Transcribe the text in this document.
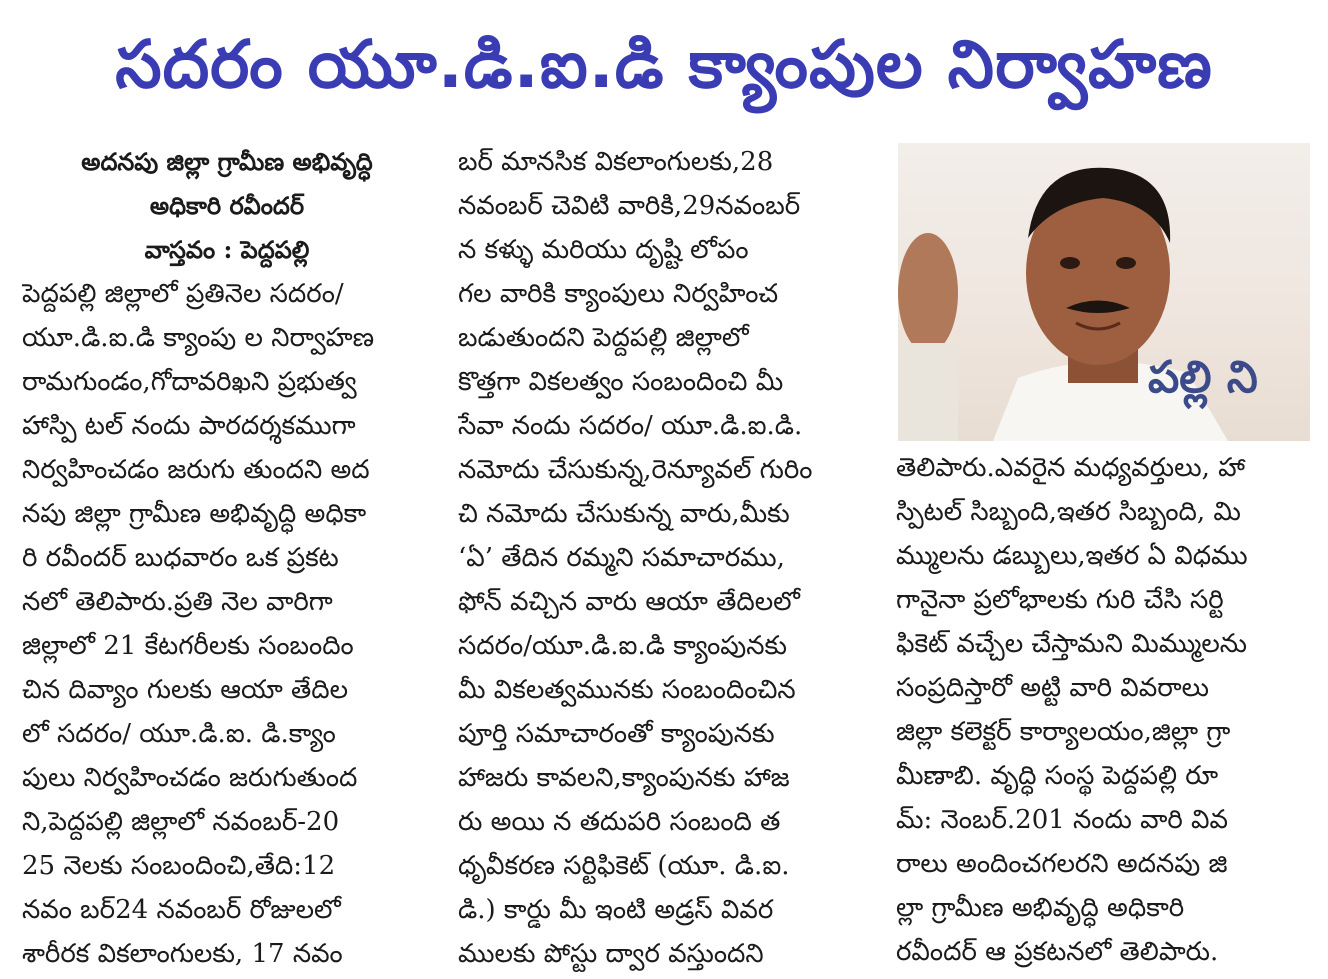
సదరం యూ.డి.ఐ.డి క్యాంపుల నిర్వాహణ
అదనపు జిల్లా గ్రామీణ అభివృద్ధి
అధికారి రవీందర్
వాస్తవం : పెద్దపల్లి
పెద్దపల్లి జిల్లాలో ప్రతినెల సదరం/
యూ.డి.ఐ.డి క్యాంపు ల నిర్వాహణ
రామగుండం,గోదావరిఖని ప్రభుత్వ
హాస్పి టల్ నందు పారదర్శకముగా
నిర్వహించడం జరుగు తుందని అద
నపు జిల్లా గ్రామీణ అభివృద్ధి అధికా
రి రవీందర్ బుధవారం ఒక ప్రకట
నలో తెలిపారు.ప్రతి నెల వారిగా
జిల్లాలో 21 కేటగరీలకు సంబందిం
చిన దివ్యాం గులకు ఆయా తేదిల
లో సదరం/ యూ.డి.ఐ. డి.క్యాం
పులు నిర్వహించడం జరుగుతుంద
ని,పెద్దపల్లి జిల్లాలో నవంబర్-20
25 నెలకు సంబందించి,తేది:12
నవం బర్24 నవంబర్ రోజులలో
శారీరక వికలాంగులకు, 17 నవం
బర్ మానసిక వికలాంగులకు,28
నవంబర్ చెవిటి వారికి,29నవంబర్
న కళ్ళు మరియు దృష్టి లోపం
గల వారికి క్యాంపులు నిర్వహించ
బడుతుందని పెద్దపల్లి జిల్లాలో
కొత్తగా వికలత్వం సంబందించి మీ
సేవా నందు సదరం/ యూ.డి.ఐ.డి.
నమోదు చేసుకున్న,రెన్యూవల్ గురిం
చి నమోదు చేసుకున్న వారు,మీకు
‘ఏ’ తేదిన రమ్మని సమాచారము,
ఫోన్ వచ్చిన వారు ఆయా తేదిలలో
సదరం/యూ.డి.ఐ.డి క్యాంపునకు
మీ వికలత్వమునకు సంబందించిన
పూర్తి సమాచారంతో క్యాంపునకు
హాజరు కావలని,క్యాంపునకు హాజ
రు అయి న తదుపరి సంబంది త
ధృవీకరణ సర్టిఫికెట్ (యూ. డి.ఐ.
డి.) కార్డు మీ ఇంటి అడ్రస్ వివర
ములకు పోస్టు ద్వార వస్తుందని
పల్లి ని
తెలిపారు.ఎవరైన మధ్యవర్తులు, హా
స్పిటల్ సిబ్బంది,ఇతర సిబ్బంది, మి
మ్ములను డబ్బులు,ఇతర ఏ విధము
గానైనా ప్రలోభాలకు గురి చేసి సర్టి
ఫికెట్ వచ్చేల చేస్తామని మిమ్ములను
సంప్రదిస్తారో అట్టి వారి వివరాలు
జిల్లా కలెక్టర్ కార్యాలయం,జిల్లా గ్రా
మీణాబి. వృద్ధి సంస్థ పెద్దపల్లి రూ
మ్: నెంబర్.201 నందు వారి వివ
రాలు అందించగలరని అదనపు జి
ల్లా గ్రామీణ అభివృద్ధి అధికారి
రవీందర్ ఆ ప్రకటనలో తెలిపారు.
